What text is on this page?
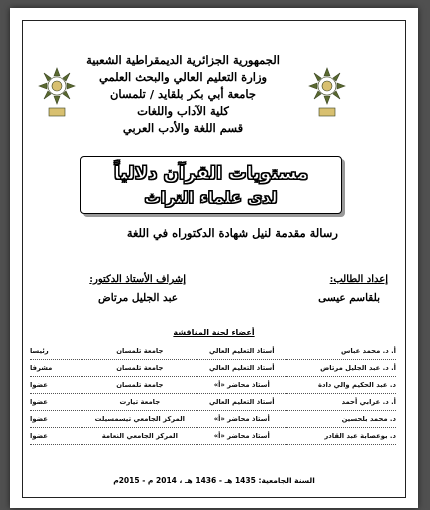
الجمهورية الجزائرية الديمقراطية الشعبية
وزارة التعليم العالي والبحث العلمي
جامعة أبي بكر بلقايد / تلمسان
كلية الآداب واللغات
قسم اللغة والأدب العربي
مستويات القرآن دلالياً
لدى علماء التراث
رسالة مقدمة لنيل شهادة الدكتوراه في اللغة
إعداد الطالب:
بلقاسم عيسى
إشراف الأستاذ الدكتور:
عبد الجليل مرتاض
أعضاء لجنة المناقشة
أ. د. محمد عباس	أستاذ التعليم العالي	جامعة تلمسان	رئيسا
أ. د. عبد الجليل مرتاض	أستاذ التعليم العالي	جامعة تلمسان	مشرفا
د. عبد الحكيم والي دادة	أستاذ محاضر «أ»	جامعة تلمسان	عضوا
أ. د. عرابي أحمد	أستاذ التعليم العالي	جامعة تيارت	عضوا
د. محمد بلحسين	أستاذ محاضر «أ»	المركز الجامعي تيسمسيلت	عضوا
د. بوعصابة عبد القادر	أستاذ محاضر «أ»	المركز الجامعي النعامة	عضوا
السنة الجامعية: 1435 هـ - 1436 هـ ، 2014 م - 2015م
